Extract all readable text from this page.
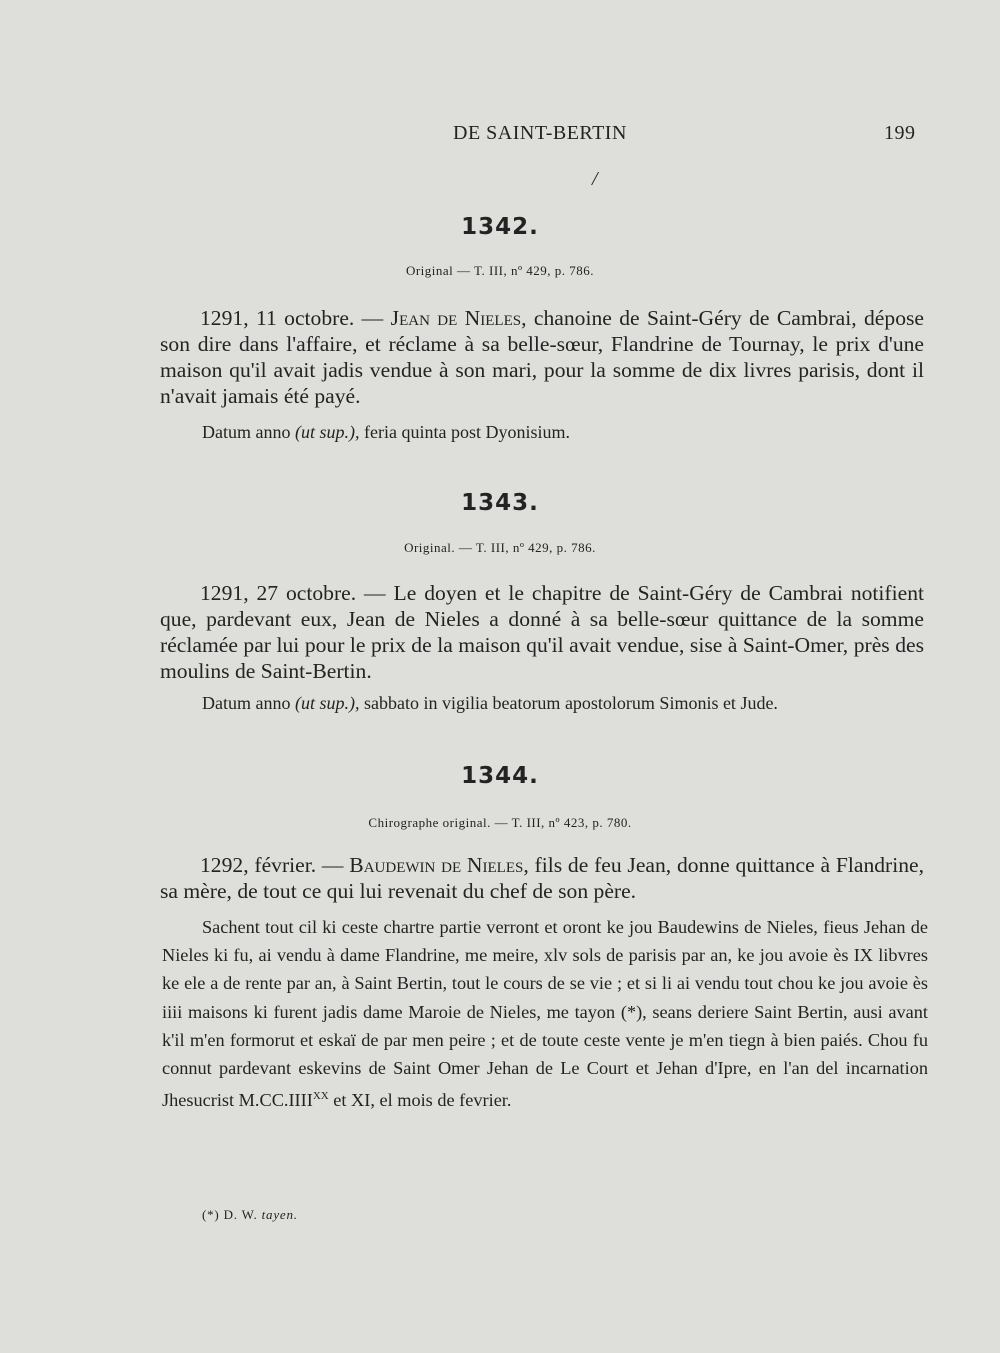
DE SAINT-BERTIN	199
/
1342.
Original — T. III, nº 429, p. 786.
1291, 11 octobre. — Jean de Nieles, chanoine de Saint-Géry de Cambrai, dépose son dire dans l'affaire, et réclame à sa belle-sœur, Flandrine de Tournay, le prix d'une maison qu'il avait jadis vendue à son mari, pour la somme de dix livres parisis, dont il n'avait jamais été payé.
Datum anno (ut sup.), feria quinta post Dyonisium.
1343.
Original. — T. III, nº 429, p. 786.
1291, 27 octobre. — Le doyen et le chapitre de Saint-Géry de Cambrai notifient que, pardevant eux, Jean de Nieles a donné à sa belle-sœur quittance de la somme réclamée par lui pour le prix de la maison qu'il avait vendue, sise à Saint-Omer, près des moulins de Saint-Bertin.
Datum anno (ut sup.), sabbato in vigilia beatorum apostolorum Simonis et Jude.
1344.
Chirographe original. — T. III, nº 423, p. 780.
1292, février. — Baudewin de Nieles, fils de feu Jean, donne quittance à Flandrine, sa mère, de tout ce qui lui revenait du chef de son père.
Sachent tout cil ki ceste chartre partie verront et oront ke jou Baudewins de Nieles, fieus Jehan de Nieles ki fu, ai vendu à dame Flandrine, me meire, xlv sols de parisis par an, ke jou avoie ès IX libvres ke ele a de rente par an, à Saint Bertin, tout le cours de se vie ; et si li ai vendu tout chou ke jou avoie ès iiii maisons ki furent jadis dame Maroie de Nieles, me tayon (*), seans deriere Saint Bertin, ausi avant k'il m'en formorut et eskaï de par men peire ; et de toute ceste vente je m'en tiegn à bien paiés. Chou fu connut pardevant eskevins de Saint Omer Jehan de Le Court et Jehan d'Ipre, en l'an del incarnation Jhesucrist $M.CC.IIII^{XX}$ et XI, el mois de fevrier.
(*) D. W. tayen.
